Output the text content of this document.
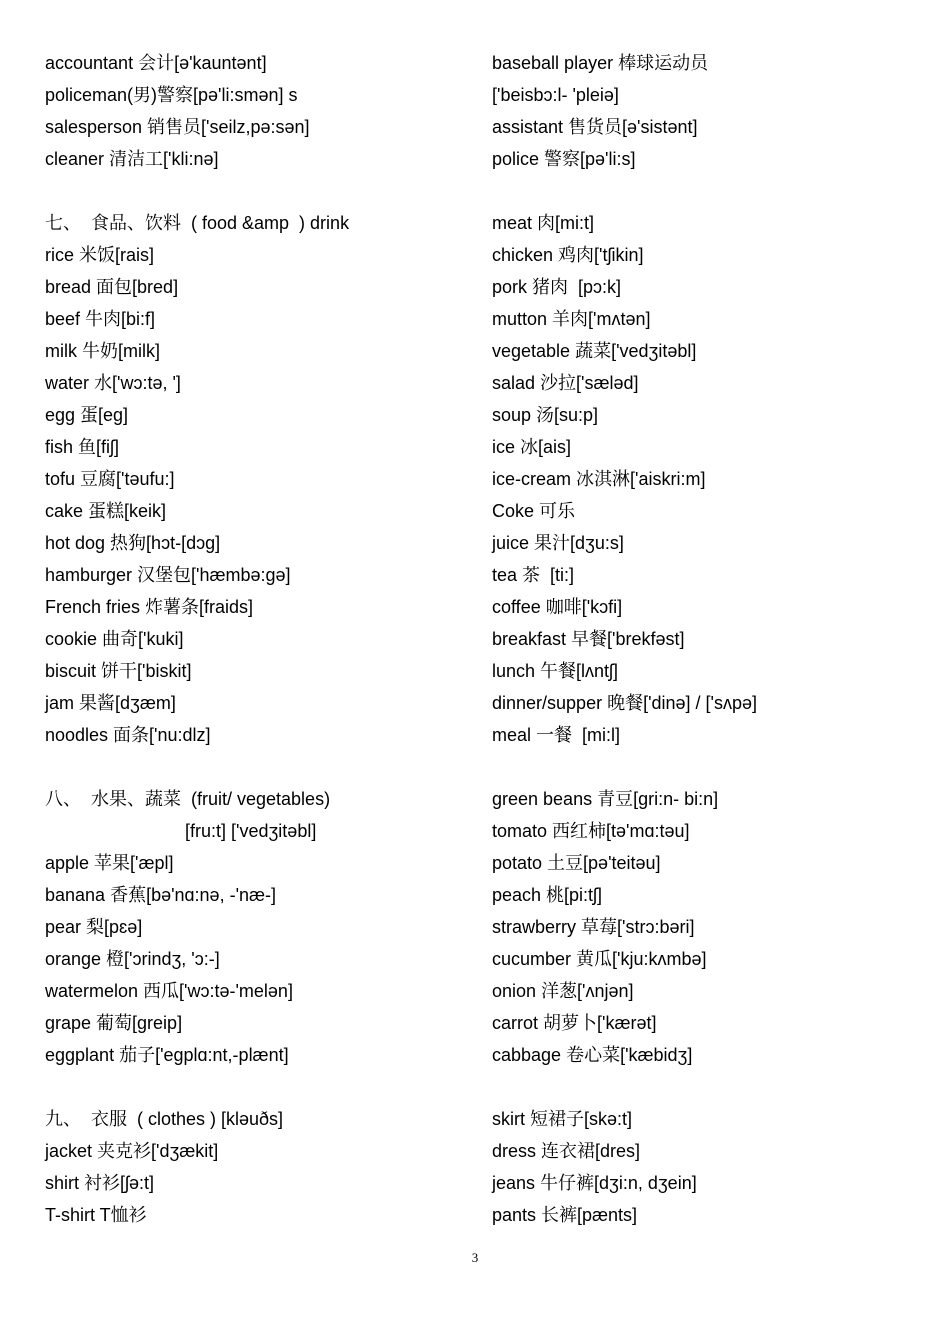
accountant 会计[ə'kauntənt]
policeman(男)警察[pə'li:smən] s
salesperson 销售员['seilz,pə:sən]
cleaner 清洁工['kli:nə]
七、  食品、饮料  ( food &amp  ) drink
rice 米饭[rais]
bread 面包[bred]
beef 牛肉[bi:f]
milk 牛奶[milk]
water 水['wɔ:tə, ']
egg 蛋[eg]
fish 鱼[fiʃ]
tofu 豆腐['təufu:]
cake 蛋糕[keik]
hot dog 热狗[hɔt-[dɔg]
hamburger 汉堡包['hæmbə:gə]
French fries 炸薯条[fraids]
cookie 曲奇['kuki]
biscuit 饼干['biskit]
jam 果酱[dʒæm]
noodles 面条['nu:dlz]
八、  水果、蔬菜  (fruit/ vegetables)
[fru:t] ['vedʒitəbl]
apple 苹果['æpl]
banana 香蕉[bə'nɑ:nə, -'næ-]
pear 梨[pɛə]
orange 橙['ɔrindʒ, 'ɔ:-]
watermelon 西瓜['wɔ:tə-'melən]
grape 葡萄[greip]
eggplant 茄子['egplɑ:nt,-plænt]
九、  衣服  ( clothes ) [kləuðs]
jacket 夹克衫['dʒækit]
shirt 衬衫[ʃə:t]
T-shirt T恤衫
baseball player 棒球运动员
['beisbɔ:l- 'pleiə]
assistant 售货员[ə'sistənt]
police 警察[pə'li:s]
meat 肉[mi:t]
chicken 鸡肉['tʃikin]
pork 猪肉  [pɔ:k]
mutton 羊肉['mʌtən]
vegetable 蔬菜['vedʒitəbl]
salad 沙拉['sæləd]
soup 汤[su:p]
ice 冰[ais]
ice-cream 冰淇淋['aiskri:m]
Coke 可乐
juice 果汁[dʒu:s]
tea 茶  [ti:]
coffee 咖啡['kɔfi]
breakfast 早餐['brekfəst]
lunch 午餐[lʌntʃ]
dinner/supper 晚餐['dinə] / ['sʌpə]
meal 一餐  [mi:l]
green beans 青豆[gri:n- bi:n]
tomato 西红柿[tə'mɑ:təu]
potato 土豆[pə'teitəu]
peach 桃[pi:tʃ]
strawberry 草莓['strɔ:bəri]
cucumber 黄瓜['kju:kʌmbə]
onion 洋葱['ʌnjən]
carrot 胡萝卜['kærət]
cabbage 卷心菜['kæbidʒ]
skirt 短裙子[skə:t]
dress 连衣裙[dres]
jeans 牛仔裤[dʒi:n, dʒein]
pants 长裤[pænts]
3
